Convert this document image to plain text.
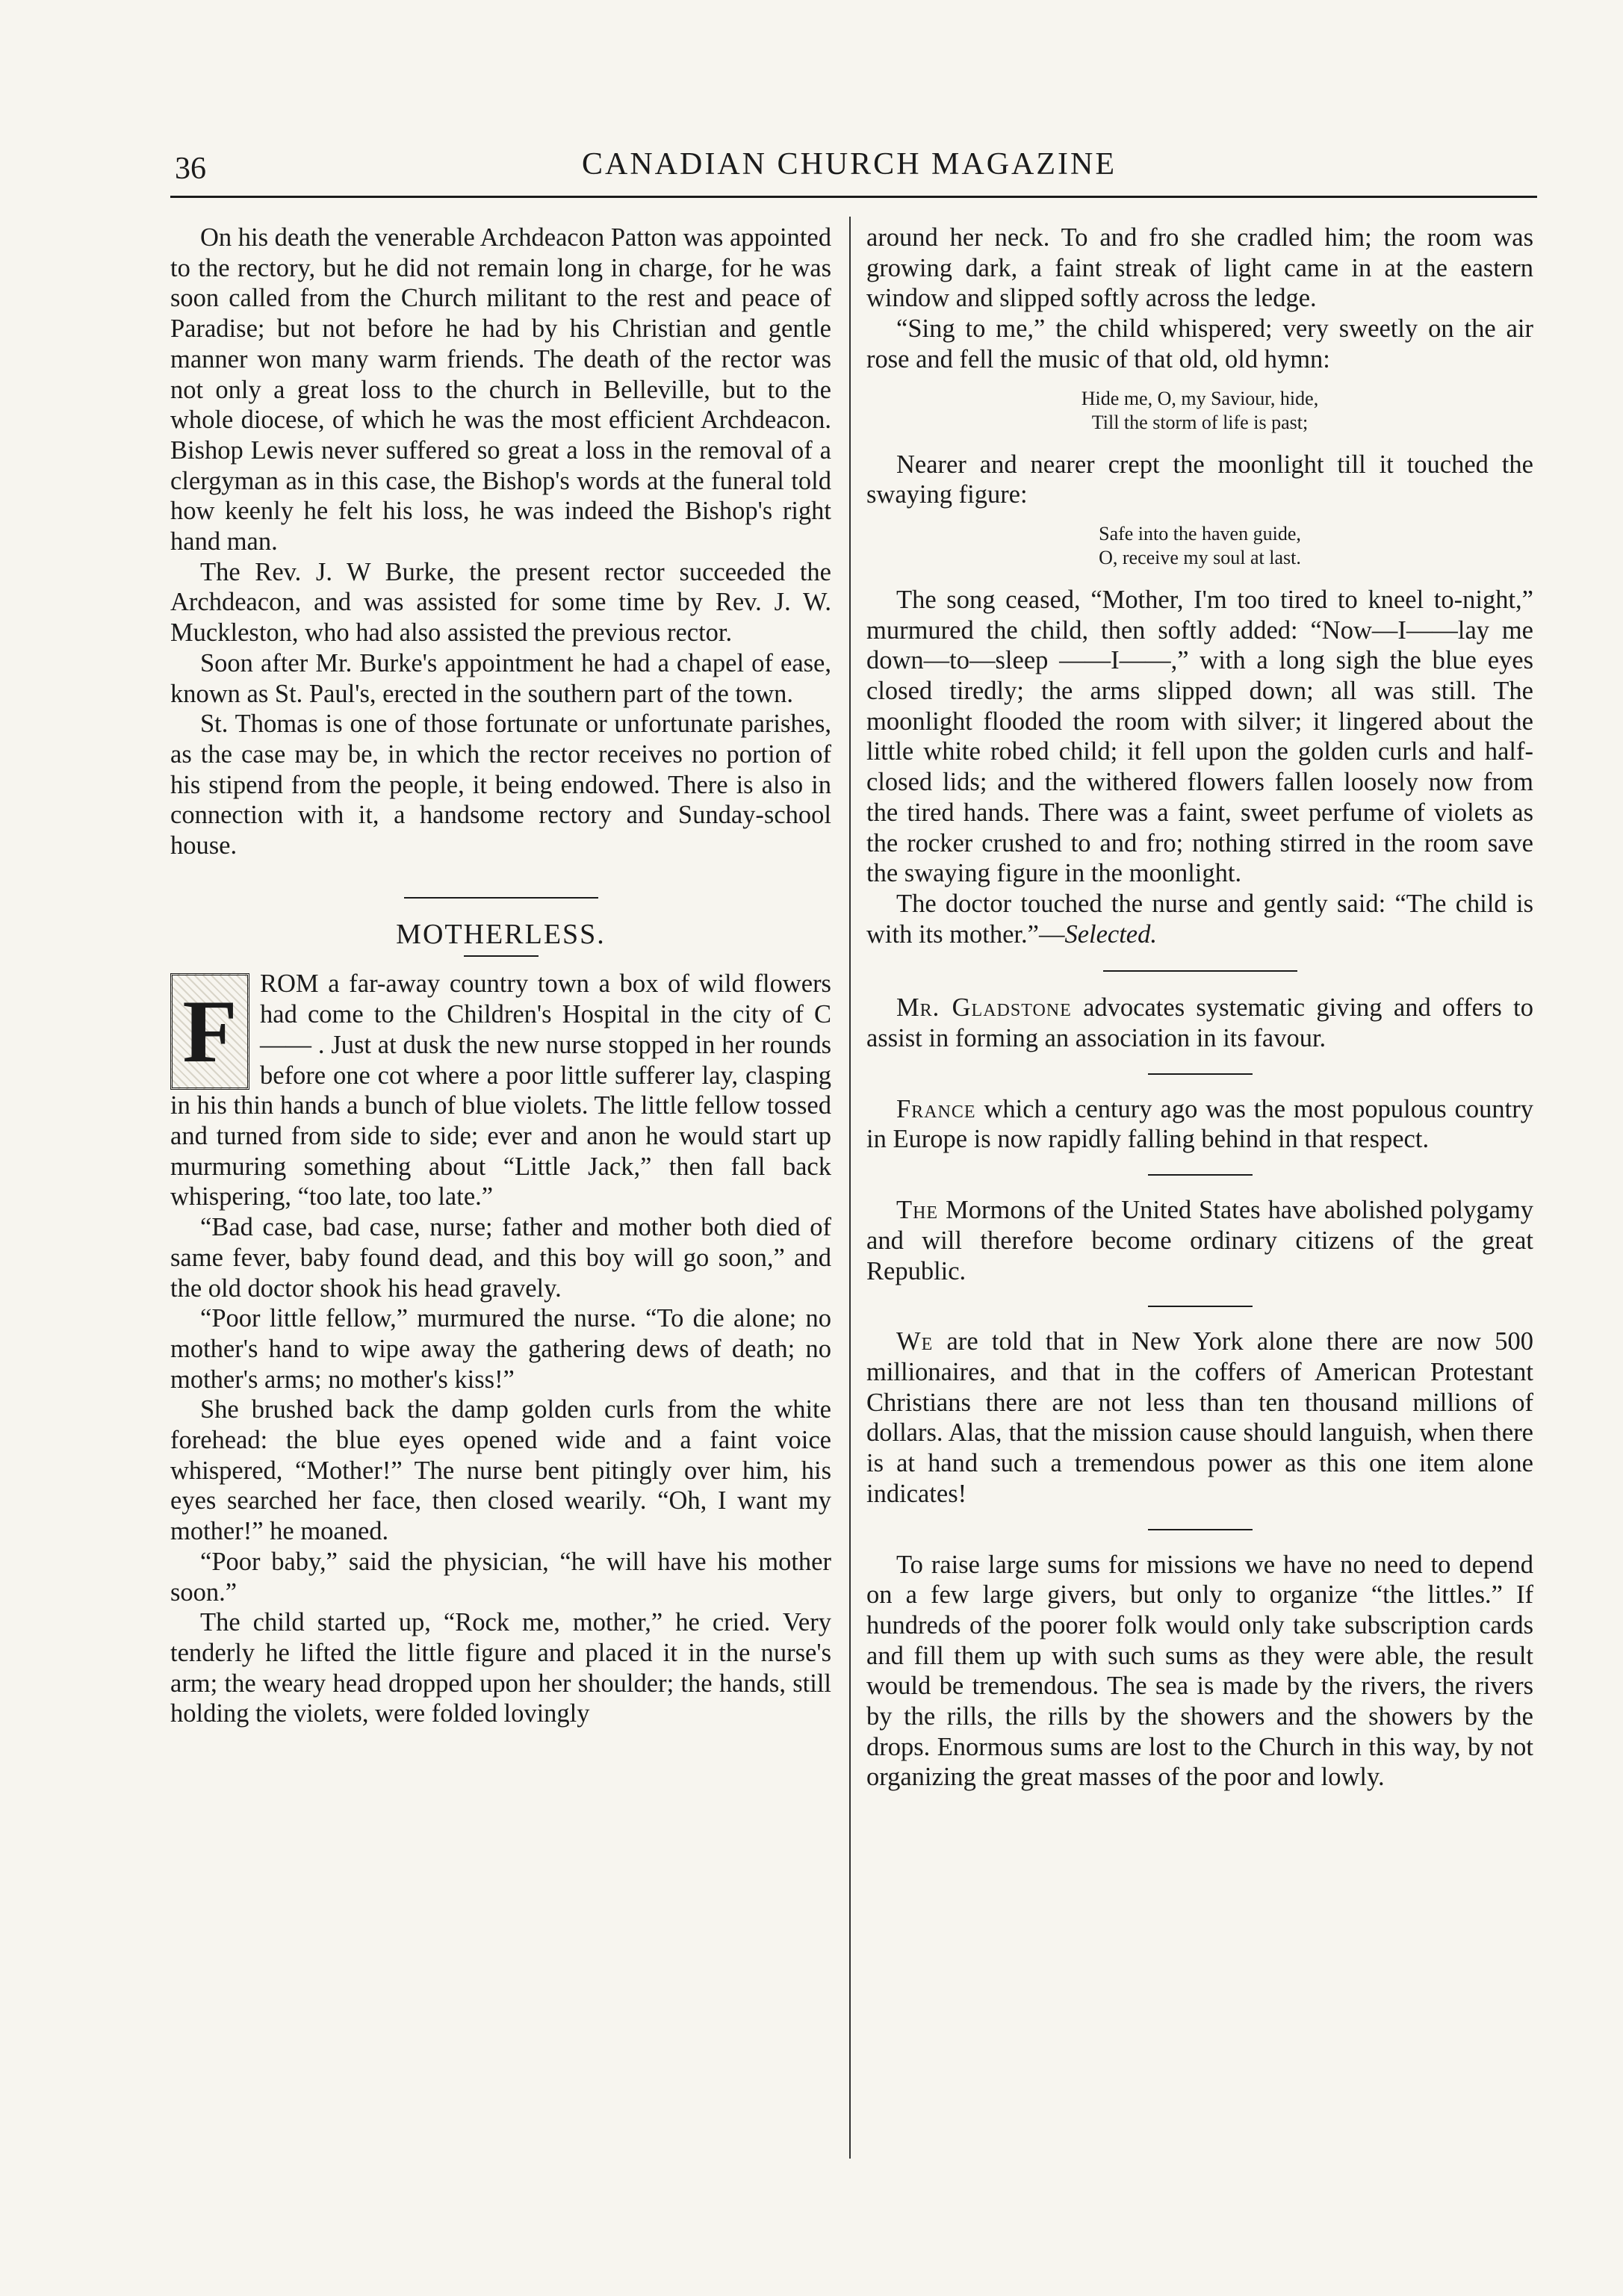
36	CANADIAN CHURCH MAGAZINE

On his death the venerable Archdeacon Patton was appointed to the rectory, but he did not remain long in charge, for he was soon called from the Church militant to the rest and peace of Paradise; but not before he had by his Christian and gentle manner won many warm friends. The death of the rector was not only a great loss to the church in Belleville, but to the whole diocese, of which he was the most efficient Archdeacon. Bishop Lewis never suffered so great a loss in the removal of a clergyman as in this case, the Bishop's words at the funeral told how keenly he felt his loss, he was indeed the Bishop's right hand man.

The Rev. J. W Burke, the present rector succeeded the Archdeacon, and was assisted for some time by Rev. J. W. Muckleston, who had also assisted the previous rector.

Soon after Mr. Burke's appointment he had a chapel of ease, known as St. Paul's, erected in the southern part of the town.

St. Thomas is one of those fortunate or unfortunate parishes, as the case may be, in which the rector receives no portion of his stipend from the people, it being endowed. There is also in connection with it, a handsome rectory and Sunday-school house.

MOTHERLESS.

F ROM a far-away country town a box of wild flowers had come to the Children's Hospital in the city of C—— . Just at dusk the new nurse stopped in her rounds before one cot where a poor little sufferer lay, clasping in his thin hands a bunch of blue violets. The little fellow tossed and turned from side to side; ever and anon he would start up murmuring something about “Little Jack,” then fall back whispering, “too late, too late.”

“Bad case, bad case, nurse; father and mother both died of same fever, baby found dead, and this boy will go soon,” and the old doctor shook his head gravely.

“Poor little fellow,” murmured the nurse. “To die alone; no mother's hand to wipe away the gathering dews of death; no mother's arms; no mother's kiss!”

She brushed back the damp golden curls from the white forehead: the blue eyes opened wide and a faint voice whispered, “Mother!” The nurse bent pitingly over him, his eyes searched her face, then closed wearily. “Oh, I want my mother!” he moaned.

“Poor baby,” said the physician, “he will have his mother soon.”

The child started up, “Rock me, mother,” he cried. Very tenderly he lifted the little figure and placed it in the nurse's arm; the weary head dropped upon her shoulder; the hands, still holding the violets, were folded lovingly

around her neck. To and fro she cradled him; the room was growing dark, a faint streak of light came in at the eastern window and slipped softly across the ledge.

“Sing to me,” the child whispered; very sweetly on the air rose and fell the music of that old, old hymn:

Hide me, O, my Saviour, hide,
Till the storm of life is past;

Nearer and nearer crept the moonlight till it touched the swaying figure:

Safe into the haven guide,
O, receive my soul at last.

The song ceased, “Mother, I'm too tired to kneel to-night,” murmured the child, then softly added: “Now—I——lay me down—to—sleep ——I——,” with a long sigh the blue eyes closed tiredly; the arms slipped down; all was still. The moonlight flooded the room with silver; it lingered about the little white robed child; it fell upon the golden curls and half-closed lids; and the withered flowers fallen loosely now from the tired hands. There was a faint, sweet perfume of violets as the rocker crushed to and fro; nothing stirred in the room save the swaying figure in the moonlight.

The doctor touched the nurse and gently said: “The child is with its mother.”—Selected.

Mr. Gladstone advocates systematic giving and offers to assist in forming an association in its favour.

France which a century ago was the most populous country in Europe is now rapidly falling behind in that respect.

The Mormons of the United States have abolished polygamy and will therefore become ordinary citizens of the great Republic.

We are told that in New York alone there are now 500 millionaires, and that in the coffers of American Protestant Christians there are not less than ten thousand millions of dollars. Alas, that the mission cause should languish, when there is at hand such a tremendous power as this one item alone indicates!

To raise large sums for missions we have no need to depend on a few large givers, but only to organize “the littles.” If hundreds of the poorer folk would only take subscription cards and fill them up with such sums as they were able, the result would be tremendous. The sea is made by the rivers, the rivers by the rills, the rills by the showers and the showers by the drops. Enormous sums are lost to the Church in this way, by not organizing the great masses of the poor and lowly.
